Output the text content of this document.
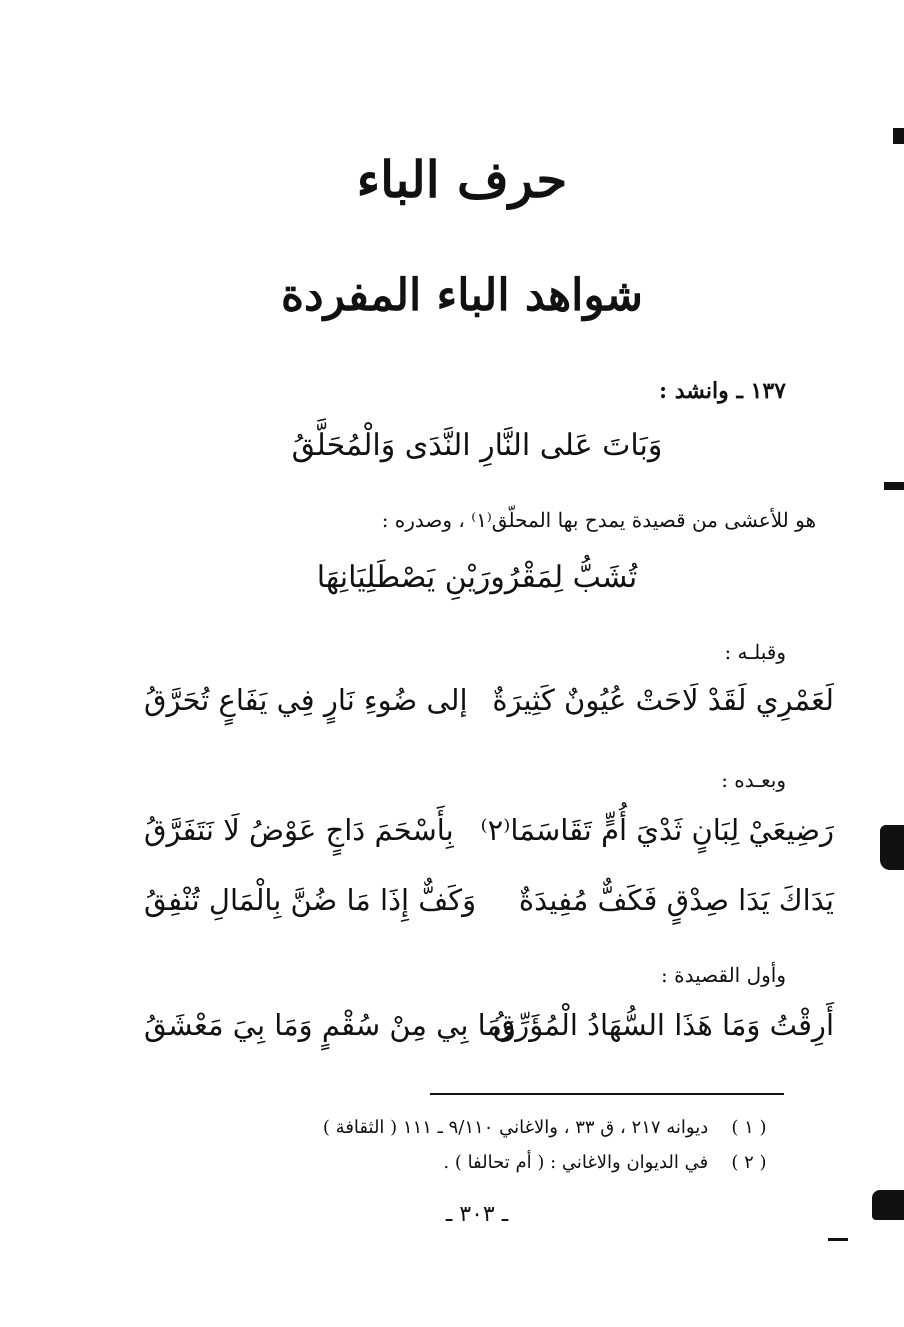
حرف الباء
شواهد الباء المفردة
١٣٧ ـ وانشد :
وَبَاتَ عَلى النَّارِ النَّدَى وَالْمُحَلَّقُ
هو للأعشى من قصيدة يمدح بها المحلّق⁽١⁾ ، وصدره :
تُشَبُّ لِمَقْرُورَيْنِ يَصْطَلِيَانِهَا
وقبلـه :
لَعَمْرِي لَقَدْ لَاحَتْ عُيُونٌ كَثِيرَةٌ
إلى ضُوءِ نَارٍ فِي يَفَاعٍ تُحَرَّقُ
وبعـده :
رَضِيعَيْ لِبَانٍ ثَدْيَ أُمٍّ تَقَاسَمَا⁽٢⁾
بِأَسْحَمَ دَاجٍ عَوْضُ لَا نَتَفَرَّقُ
يَدَاكَ يَدَا صِدْقٍ فَكَفٌّ مُفِيدَةٌ
وَكَفٌّ إِذَا مَا ضُنَّ بِالْمَالِ تُنْفِقُ
وأول القصيدة :
أَرِقْتُ وَمَا هَذَا السُّهَادُ الْمُؤَرِّقُ
وَمَا بِي مِنْ سُقْمٍ وَمَا بِيَ مَعْشَقُ
( ١ ) ديوانه ٢١٧ ، ق ٣٣ ، والاغاني ٩/١١٠ ـ ١١١ ( الثقافة )
( ٢ ) في الديوان والاغاني : ( أم تحالفا ) .
ـ ٣٠٣ ـ
